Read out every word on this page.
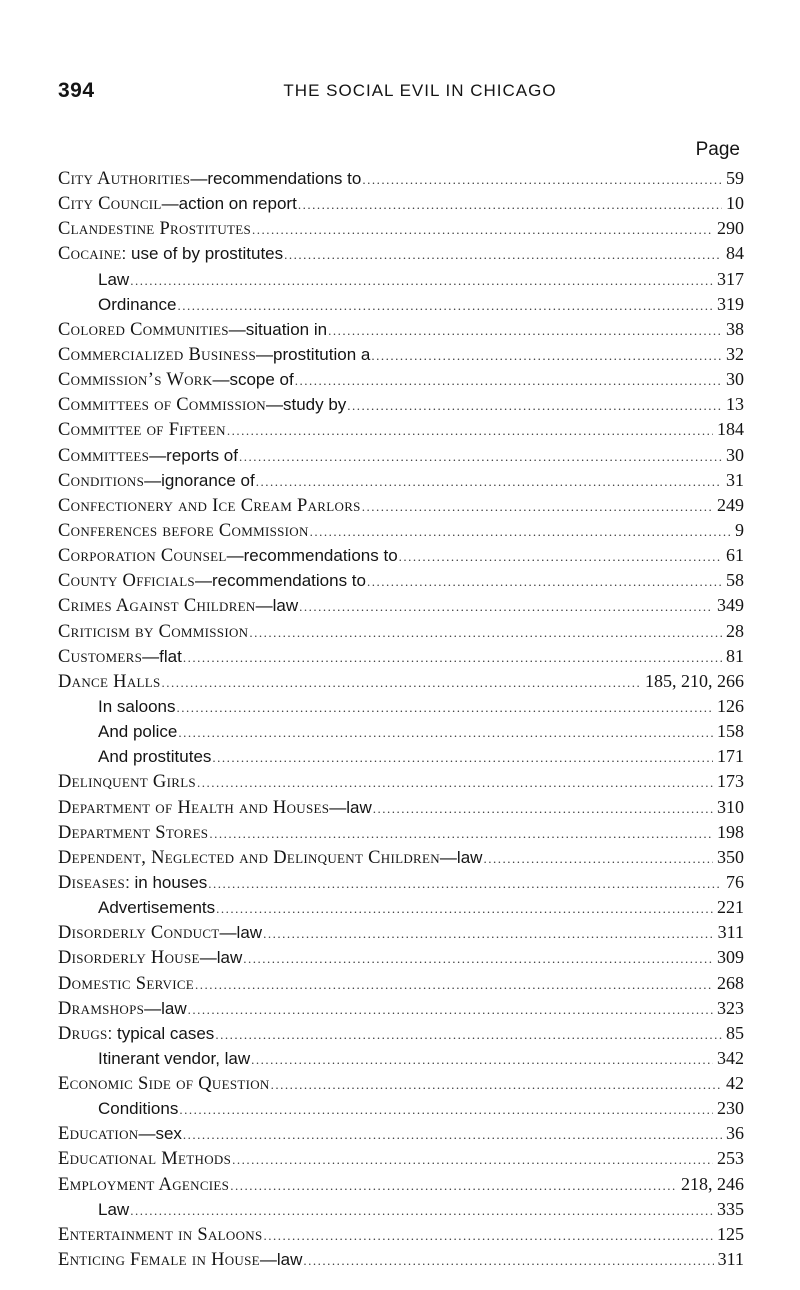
394	THE SOCIAL EVIL IN CHICAGO
Page
City Authorities—recommendations to .....	59
City Council—action on report .....	10
Clandestine Prostitutes .....	290
Cocaine: use of by prostitutes .....	84
Law .....	317
Ordinance .....	319
Colored Communities—situation in .....	38
Commercialized Business—prostitution a .....	32
Commission’s Work—scope of .....	30
Committees of Commission—study by .....	13
Committee of Fifteen .....	184
Committees—reports of .....	30
Conditions—ignorance of .....	31
Confectionery and Ice Cream Parlors .....	249
Conferences before Commission .....	9
Corporation Counsel—recommendations to .....	61
County Officials—recommendations to .....	58
Crimes Against Children—law .....	349
Criticism by Commission .....	28
Customers—flat .....	81
Dance Halls .....	185, 210, 266
In saloons .....	126
And police .....	158
And prostitutes .....	171
Delinquent Girls .....	173
Department of Health and Houses—law .....	310
Department Stores .....	198
Dependent, Neglected and Delinquent Children—law .....	350
Diseases: in houses .....	76
Advertisements .....	221
Disorderly Conduct—law .....	311
Disorderly House—law .....	309
Domestic Service .....	268
Dramshops—law .....	323
Drugs: typical cases .....	85
Itinerant vendor, law .....	342
Economic Side of Question .....	42
Conditions .....	230
Education—sex .....	36
Educational Methods .....	253
Employment Agencies .....	218, 246
Law .....	335
Entertainment in Saloons .....	125
Enticing Female in House—law .....	311
